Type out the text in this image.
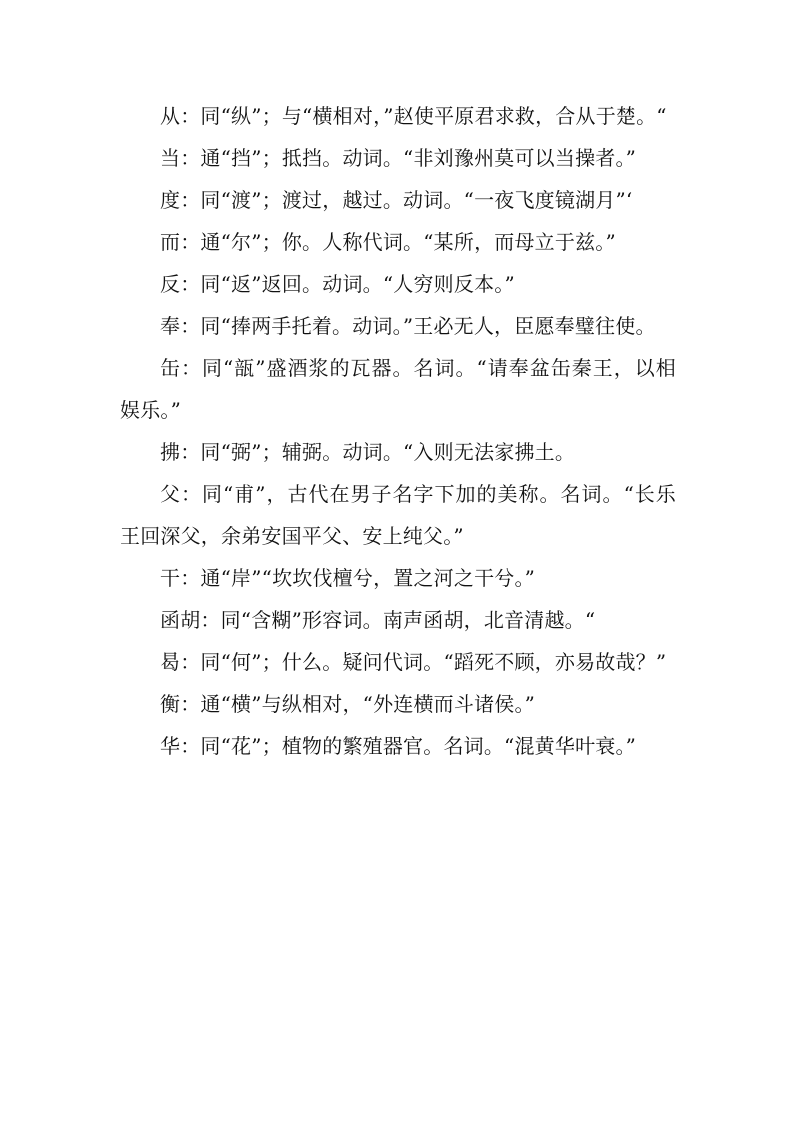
从：同“纵”；与“横相对，”赵使平原君求救，合从于楚。“

当：通“挡”；抵挡。动词。“非刘豫州莫可以当操者。”

度：同“渡”；渡过，越过。动词。“一夜飞度镜湖月”‘

而：通“尔”；你。人称代词。“某所，而母立于兹。”

反：同“返”返回。动词。“人穷则反本。”

奉：同“捧两手托着。动词。”王必无人，臣愿奉璧往使。

缶：同“瓿”盛酒浆的瓦器。名词。“请奉盆缶秦王，以相娱乐。”

拂：同“弼”；辅弼。动词。“入则无法家拂土。

父：同“甫”，古代在男子名字下加的美称。名词。“长乐王回深父，余弟安国平父、安上纯父。”

干：通“岸”“坎坎伐檀兮，置之河之干兮。”

函胡：同“含糊”形容词。南声函胡，北音清越。“

曷：同“何”；什么。疑问代词。“蹈死不顾，亦易故哉？”

衡：通“横”与纵相对，“外连横而斗诸侯。”

华：同“花”；植物的繁殖器官。名词。“混黄华叶衰。”
